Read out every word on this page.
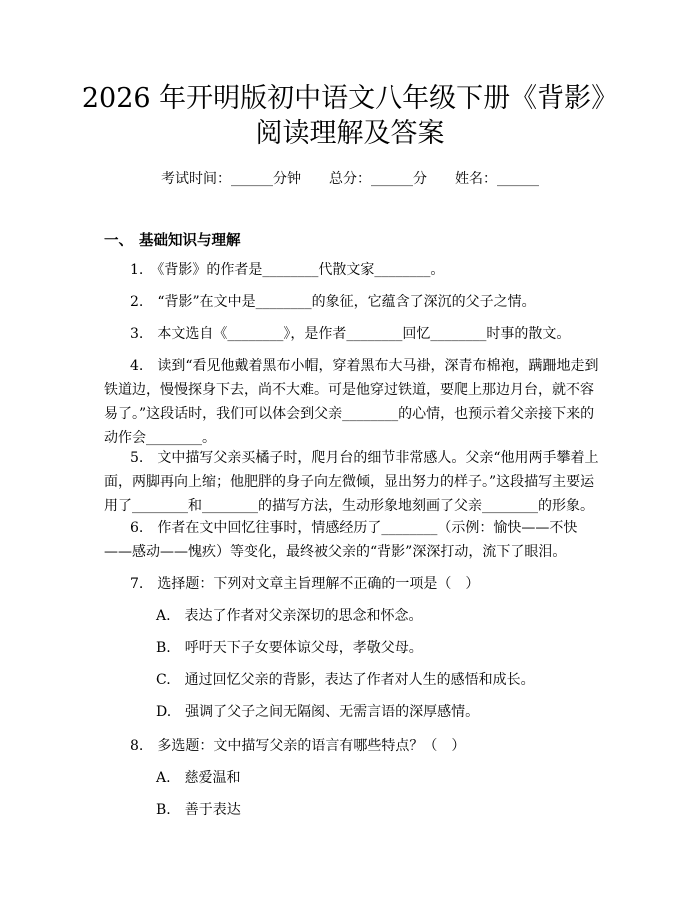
2026 年开明版初中语文八年级下册《背影》
阅读理解及答案
考试时间：______分钟　　总分：______分　　姓名：______
一、 基础知识与理解
1.　《背影》的作者是________代散文家________。
2.　“背影”在文中是________的象征，它蕴含了深沉的父子之情。
3.　本文选自《________》，是作者________回忆________时事的散文。
4.　读到“看见他戴着黑布小帽，穿着黑布大马褂，深青布棉袍，蹒跚地走到铁道边，慢慢探身下去，尚不大难。可是他穿过铁道，要爬上那边月台，就不容易了。”这段话时，我们可以体会到父亲________的心情，也预示着父亲接下来的动作会________。
5.　文中描写父亲买橘子时，爬月台的细节非常感人。父亲“他用两手攀着上面，两脚再向上缩；他肥胖的身子向左微倾，显出努力的样子。”这段描写主要运用了________和________的描写方法，生动形象地刻画了父亲________的形象。
6.　作者在文中回忆往事时，情感经历了________（示例：愉快——不快——感动——愧疚）等变化，最终被父亲的“背影”深深打动，流下了眼泪。
7.　选择题：下列对文章主旨理解不正确的一项是（　）
A.　表达了作者对父亲深切的思念和怀念。
B.　呼吁天下子女要体谅父母，孝敬父母。
C.　通过回忆父亲的背影，表达了作者对人生的感悟和成长。
D.　强调了父子之间无隔阂、无需言语的深厚感情。
8.　多选题：文中描写父亲的语言有哪些特点？（　）
A.　慈爱温和
B.　善于表达
